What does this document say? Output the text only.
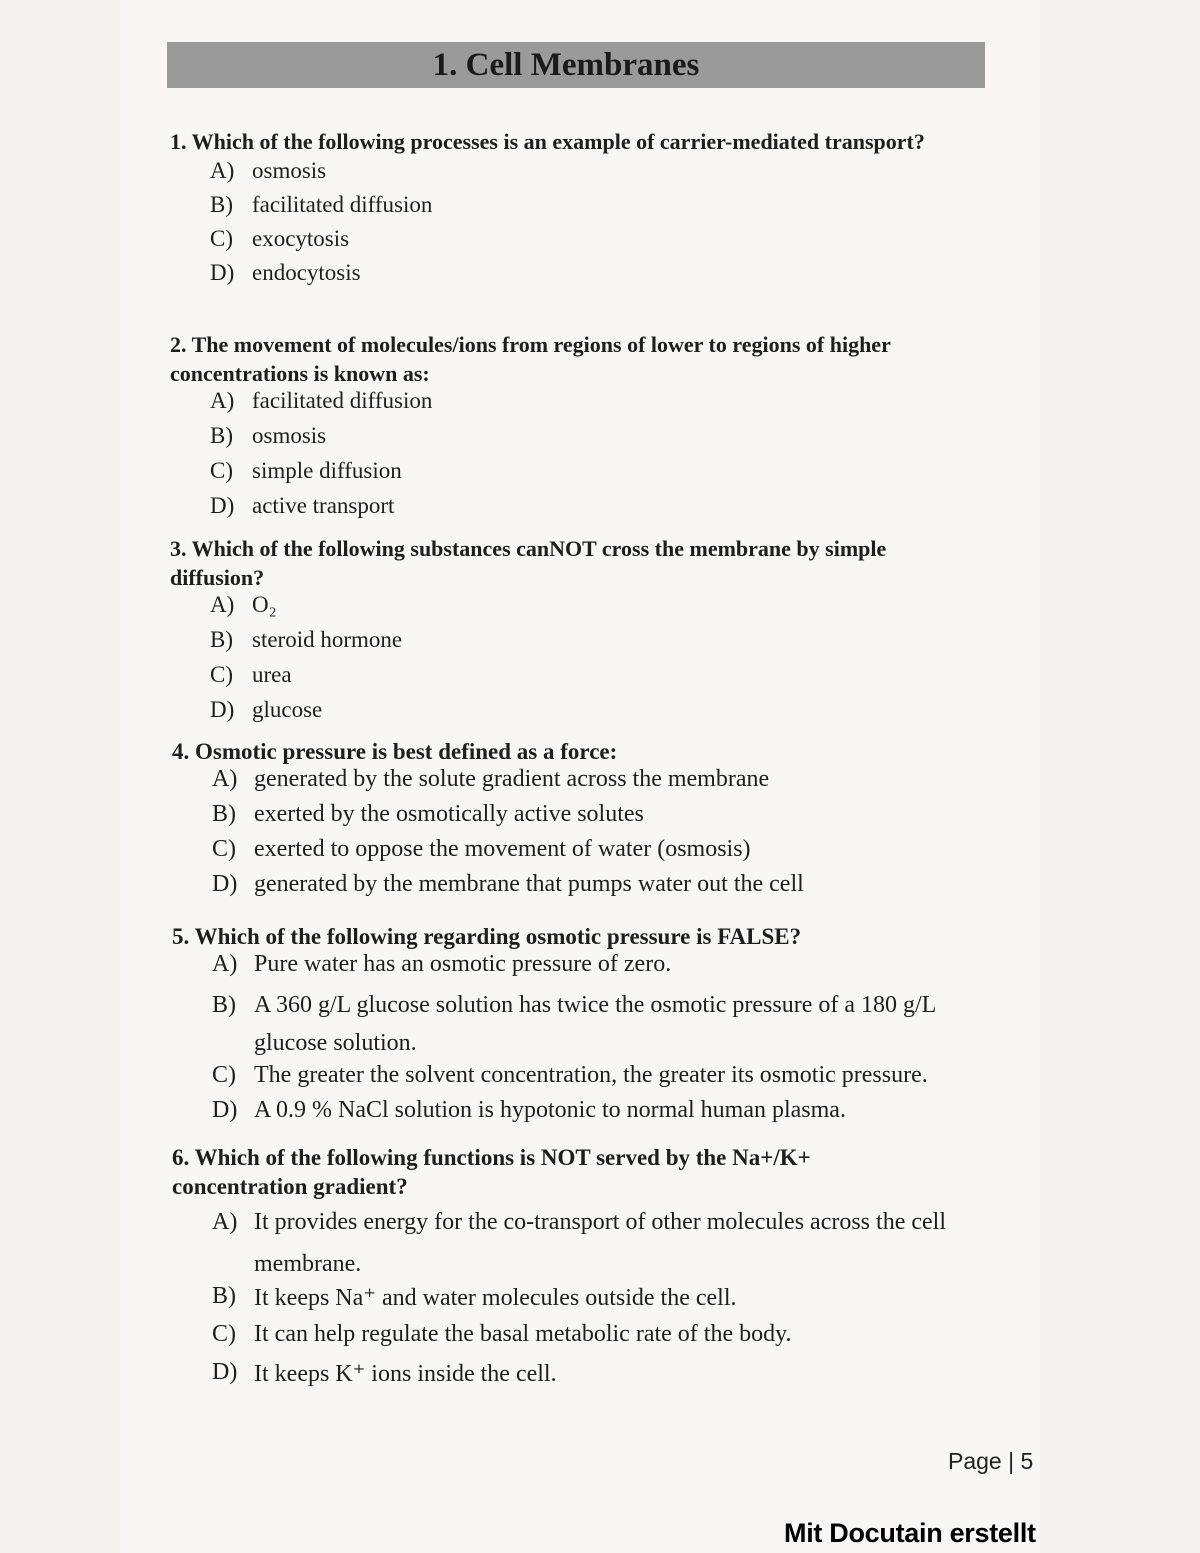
1. Cell Membranes

1. Which of the following processes is an example of carrier-mediated transport?

A) osmosis
B) facilitated diffusion
C) exocytosis
D) endocytosis

2. The movement of molecules/ions from regions of lower to regions of higher concentrations is known as:

A) facilitated diffusion
B) osmosis
C) simple diffusion
D) active transport

3. Which of the following substances canNOT cross the membrane by simple diffusion?

A) O₂
B) steroid hormone
C) urea
D) glucose

4. Osmotic pressure is best defined as a force:

A) generated by the solute gradient across the membrane
B) exerted by the osmotically active solutes
C) exerted to oppose the movement of water (osmosis)
D) generated by the membrane that pumps water out the cell

5. Which of the following regarding osmotic pressure is FALSE?

A) Pure water has an osmotic pressure of zero.
B) A 360 g/L glucose solution has twice the osmotic pressure of a 180 g/L glucose solution.
C) The greater the solvent concentration, the greater its osmotic pressure.
D) A 0.9 % NaCl solution is hypotonic to normal human plasma.

6. Which of the following functions is NOT served by the Na+/K+ concentration gradient?

A) It provides energy for the co-transport of other molecules across the cell membrane.
B) It keeps Na⁺ and water molecules outside the cell.
C) It can help regulate the basal metabolic rate of the body.
D) It keeps K⁺ ions inside the cell.
Page | 5
Mit Docutain erstellt
